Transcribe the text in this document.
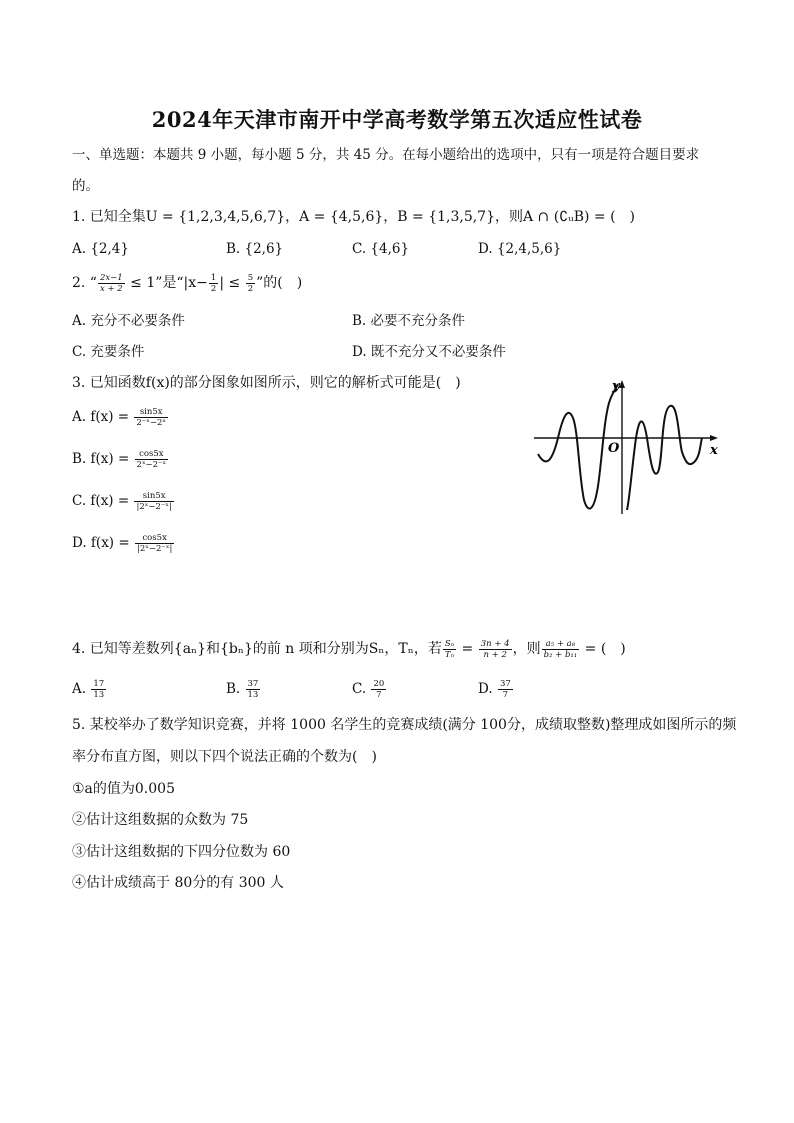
2024年天津市南开中学高考数学第五次适应性试卷
一、单选题：本题共 9 小题，每小题 5 分，共 45 分。在每小题给出的选项中，只有一项是符合题目要求
的。
1. 已知全集U = {1,2,3,4,5,6,7}，A = {4,5,6}，B = {1,3,5,7}，则A ∩ (∁ᵤB) = (　)
A. {2,4}	B. {2,6}	C. {4,6}	D. {2,4,5,6}
2. “ $\frac{2x-1}{x + 2} \le 1$”是“$|x- \frac{1}{2}$ | ≤ $\frac{5}{2}$ ”的(　)
A. 充分不必要条件	B. 必要不充分条件
C. 充要条件	D. 既不充分又不必要条件
3. 已知函数f(x)的部分图象如图所示，则它的解析式可能是(　)
A. $f(x) = \frac{\sin 5x}{\text{2⁻ˣ−2ˣ}}$
B. $f(x) = \frac{\cos 5x}{\text{2ˣ−2⁻ˣ}}$
C. $f(x) = \frac{\sin 5x}{\text{|2ˣ−2⁻ˣ|}}$
D. $f(x) = \frac{\cos 5x}{\text{|2ˣ−2⁻ˣ|}}$
y
x
O
4. 已知等差数列{aₙ}和{bₙ}的前 n 项和分别为Sₙ，Tₙ，若 $\frac{\text{Sₙ}}{\text{Tₙ}} = \frac{3n + 4}{n + 2}$ ，则 $\frac{\text{a₅ + a₈}}{\text{b₂ + b₁₁}}$ = (　)
A. $\frac{17}{13}$	B. $\frac{37}{13}$	C. $\frac{20}{7}$	D. $\frac{37}{7}$
5. 某校举办了数学知识竞赛，并将 1000 名学生的竞赛成绩(满分 100分，成绩取整数)整理成如图所示的频
率分布直方图，则以下四个说法正确的个数为(　)
①a的值为0.005
②估计这组数据的众数为 75
③估计这组数据的下四分位数为 60
④估计成绩高于 80分的有 300 人
